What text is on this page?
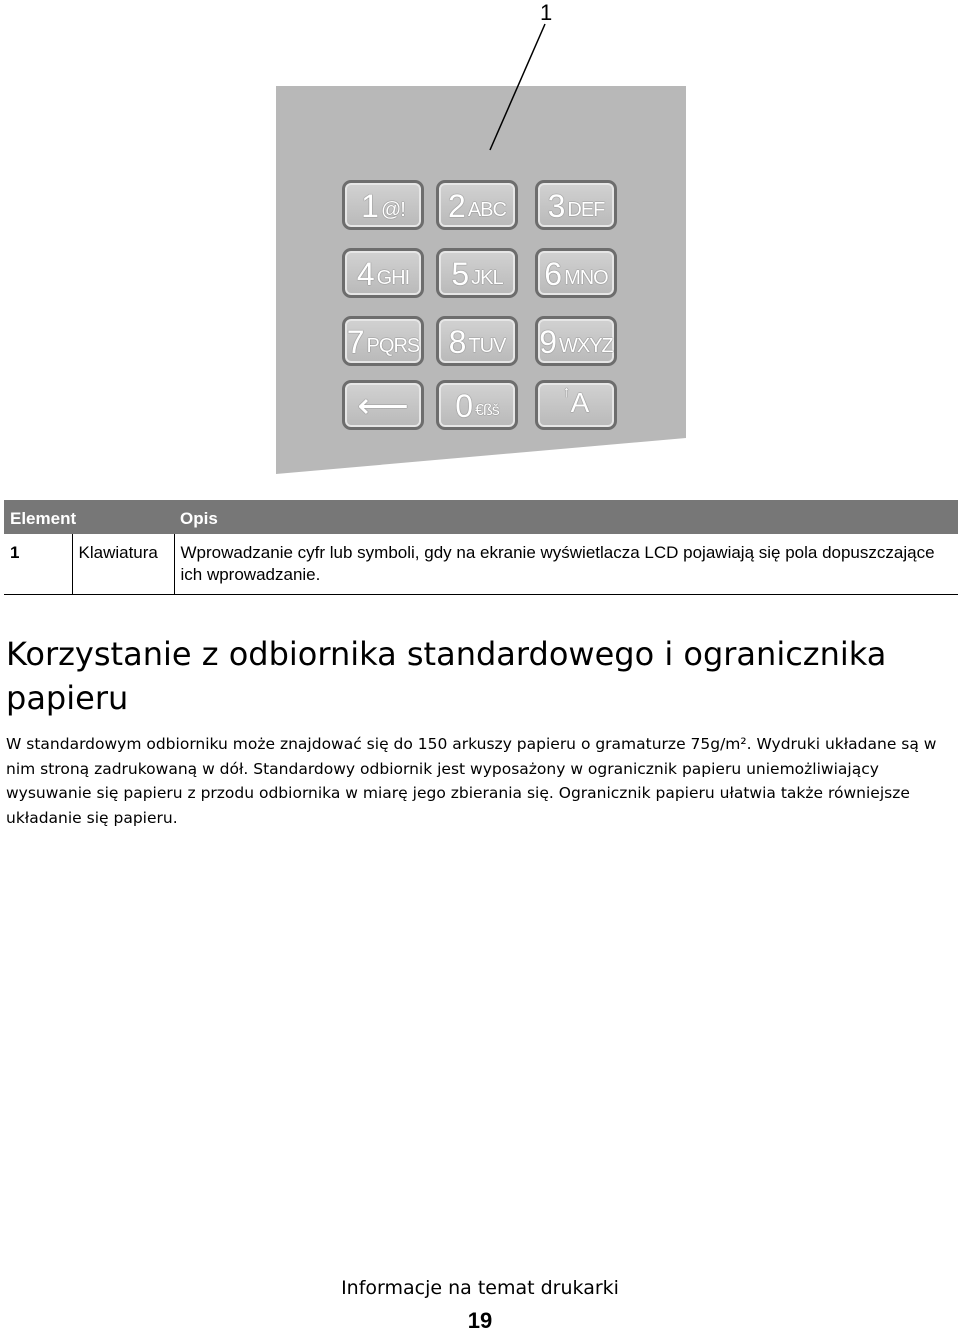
1
1 @! 2 ABC 3 DEF
4 GHI 5 JKL 6 MNO
7 PQRS 8 TUV 9 WXYZ
⟵ 0 €ßš
↑ A
Element		Opis
1	Klawiatura	Wprowadzanie cyfr lub symboli, gdy na ekranie wyświetlacza LCD pojawiają się pola dopuszczające ich wprowadzanie.
Korzystanie z odbiornika standardowego i ogranicznika papieru

W standardowym odbiorniku może znajdować się do 150 arkuszy papieru o gramaturze 75g/m². Wydruki układane są w nim stroną zadrukowaną w dół. Standardowy odbiornik jest wyposażony w ogranicznik papieru uniemożliwiający wysuwanie się papieru z przodu odbiornika w miarę jego zbierania się. Ogranicznik papieru ułatwia także równiejsze układanie się papieru.

Informacje na temat drukarki
19
